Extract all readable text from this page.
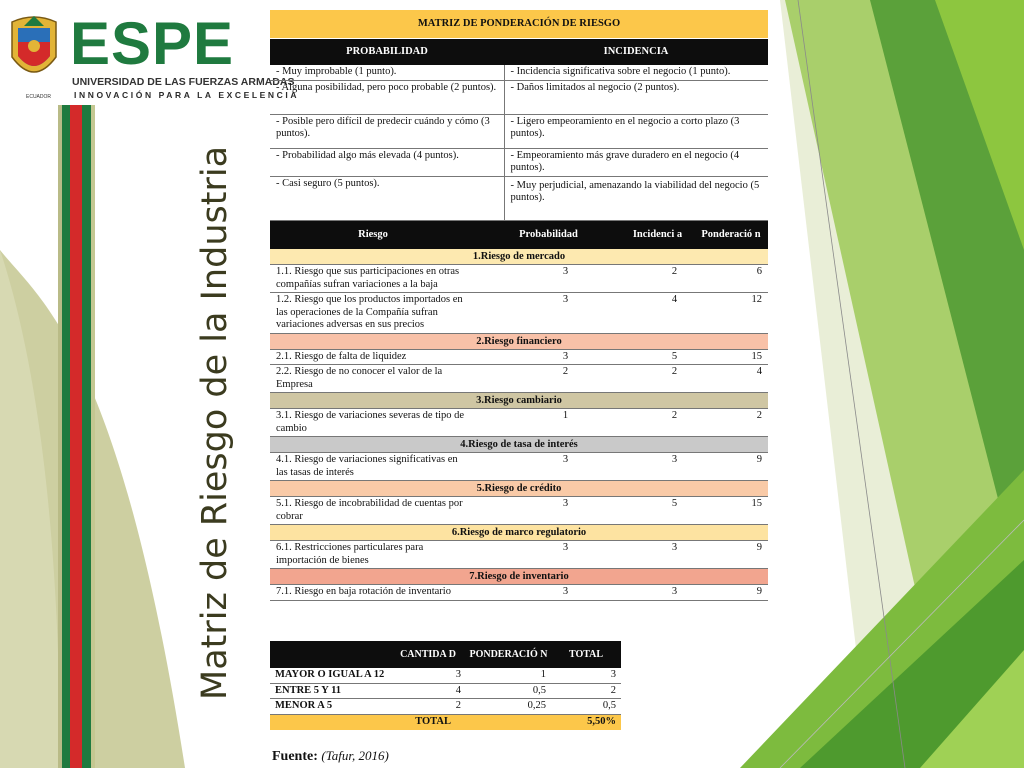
ECUADOR
ESPE
UNIVERSIDAD DE LAS FUERZAS ARMADAS
INNOVACIÓN PARA LA EXCELENCIA
Matriz de Riesgo de la Industria
MATRIZ DE PONDERACIÓN DE RIESGO	
PROBABILIDAD	INCIDENCIA
- Muy improbable (1 punto).	- Incidencia significativa sobre el negocio (1 punto).
- Alguna posibilidad, pero poco probable (2 puntos).	- Daños limitados al negocio (2 puntos).
- Posible pero difícil de predecir cuándo y cómo (3 puntos).	- Ligero empeoramiento en el negocio a corto plazo (3 puntos).
- Probabilidad algo más elevada (4 puntos).	- Empeoramiento más grave duradero en el negocio (4 puntos).
- Casi seguro (5 puntos).	- Muy perjudicial, amenazando la viabilidad del negocio (5 puntos).
Riesgo	Probabilidad	Incidenci a	Ponderació n
1.Riesgo de mercado			
1.1. Riesgo que sus participaciones en otras compañías sufran variaciones a la baja	3	2	6
1.2. Riesgo que los productos importados en las operaciones de la Compañía sufran variaciones adversas en sus precios	3	4	12
2.Riesgo financiero			
2.1. Riesgo de falta de liquidez	3	5	15
2.2. Riesgo de no conocer el valor de la Empresa	2	2	4
3.Riesgo cambiario			
3.1. Riesgo de variaciones severas de tipo de cambio	1	2	2
4.Riesgo de tasa de interés			
4.1. Riesgo de variaciones significativas en las tasas de interés	3	3	9
5.Riesgo de crédito			
5.1. Riesgo de incobrabilidad de cuentas por cobrar	3	5	15
6.Riesgo de marco regulatorio			
6.1. Restricciones particulares para importación de bienes	3	3	9
7.Riesgo de inventario			
7.1. Riesgo en baja rotación de inventario	3	3	9
	CANTIDA D	PONDERACIÓ N	TOTAL
MAYOR O IGUAL A 12	3	1	3
ENTRE 5 Y 11	4	0,5	2
MENOR A 5	2	0,25	0,5
TOTAL			5,50%
Fuente: (Tafur, 2016)
